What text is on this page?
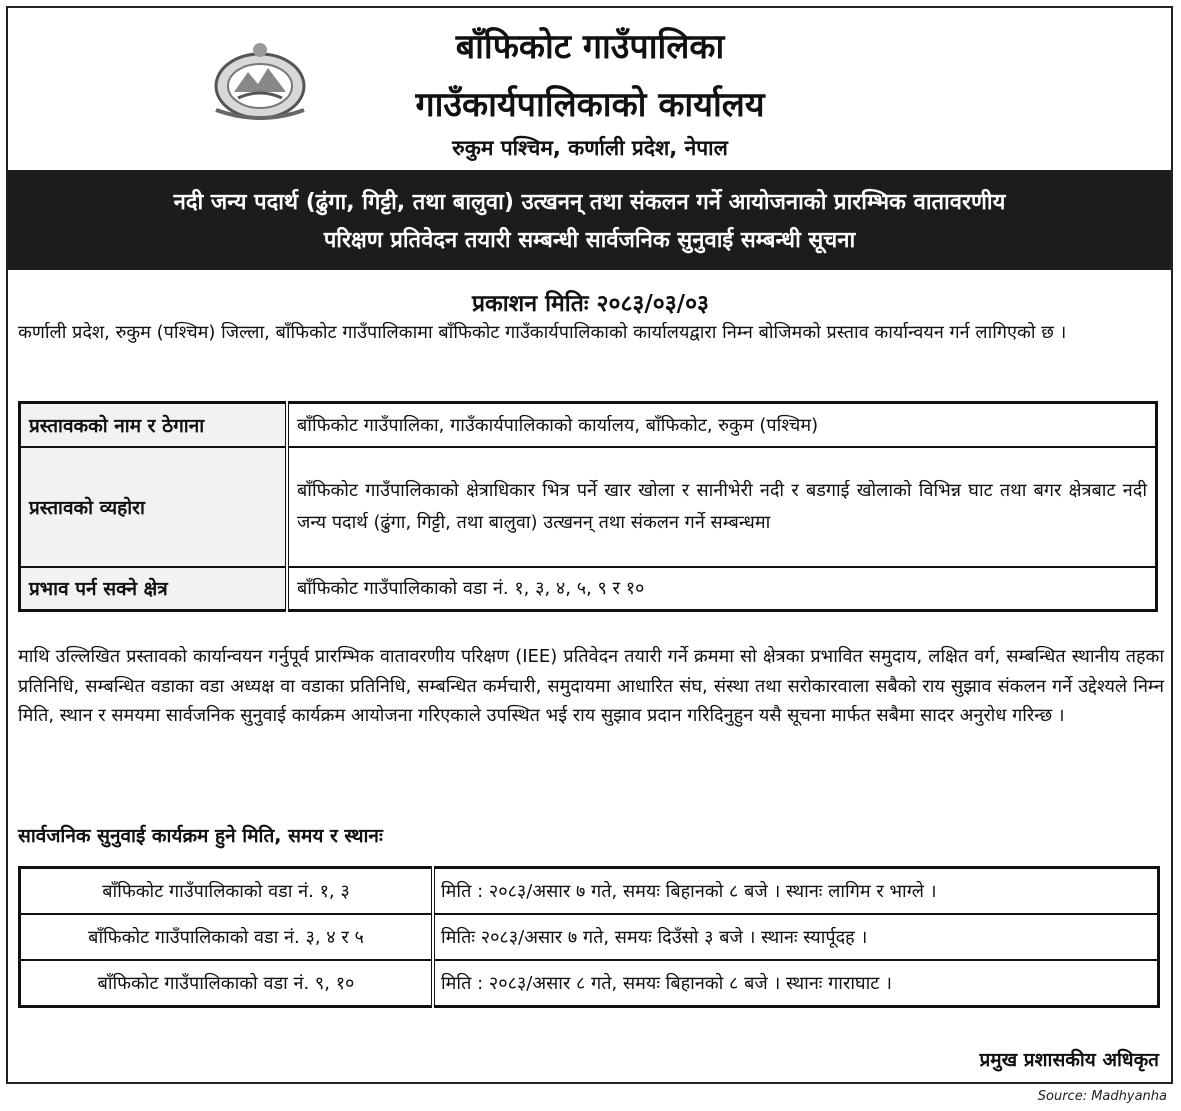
बाँफिकोट गाउँपालिका
गाउँकार्यपालिकाको कार्यालय
रुकुम पश्चिम, कर्णाली प्रदेश, नेपाल
नदी जन्य पदार्थ (ढुंगा, गिट्टी, तथा बालुवा) उत्खनन् तथा संकलन गर्ने आयोजनाको प्रारम्भिक वातावरणीय
परिक्षण प्रतिवेदन तयारी सम्बन्धी सार्वजनिक सुनुवाई सम्बन्धी सूचना
प्रकाशन मितिः २०८३/०३/०३
कर्णाली प्रदेश, रुकुम (पश्चिम) जिल्ला, बाँफिकोट गाउँपालिकामा बाँफिकोट गाउँकार्यपालिकाको कार्यालयद्वारा निम्न बोजिमको प्रस्ताव कार्यान्वयन गर्न लागिएको छ ।
प्रस्तावकको नाम र ठेगाना	बाँफिकोट गाउँपालिका, गाउँकार्यपालिकाको कार्यालय, बाँफिकोट, रुकुम (पश्चिम)
प्रस्तावको व्यहोरा	बाँफिकोट गाउँपालिकाको क्षेत्राधिकार भित्र पर्ने खार खोला र सानीभेरी नदी र बडगाई खोलाको विभिन्न घाट तथा बगर क्षेत्रबाट नदी जन्य पदार्थ (ढुंगा, गिट्टी, तथा बालुवा) उत्खनन् तथा संकलन गर्ने सम्बन्धमा
प्रभाव पर्न सक्ने क्षेत्र	बाँफिकोट गाउँपालिकाको वडा नं. १, ३, ४, ५, ९ र १०
माथि उल्लिखित प्रस्तावको कार्यान्वयन गर्नुपूर्व प्रारम्भिक वातावरणीय परिक्षण (IEE) प्रतिवेदन तयारी गर्ने क्रममा सो क्षेत्रका प्रभावित समुदाय, लक्षित वर्ग, सम्बन्धित स्थानीय तहका प्रतिनिधि, सम्बन्धित वडाका वडा अध्यक्ष वा वडाका प्रतिनिधि, सम्बन्धित कर्मचारी, समुदायमा आधारित संघ, संस्था तथा सरोकारवाला सबैको राय सुझाव संकलन गर्ने उद्देश्यले निम्न मिति, स्थान र समयमा सार्वजनिक सुनुवाई कार्यक्रम आयोजना गरिएकाले उपस्थित भई राय सुझाव प्रदान गरिदिनुहुन यसै सूचना मार्फत सबैमा सादर अनुरोध गरिन्छ ।
सार्वजनिक सुनुवाई कार्यक्रम हुने मिति, समय र स्थानः
बाँफिकोट गाउँपालिकाको वडा नं. १, ३	मिति : २०८३/असार ७ गते, समयः बिहानको ८ बजे । स्थानः लागिम र भाग्ले ।
बाँफिकोट गाउँपालिकाको वडा नं. ३, ४ र ५	मितिः २०८३/असार ७ गते, समयः दिउँसो ३ बजे । स्थानः स्यार्पूदह ।
बाँफिकोट गाउँपालिकाको वडा नं. ९, १०	मिति : २०८३/असार ८ गते, समयः बिहानको ८ बजे । स्थानः गाराघाट ।
प्रमुख प्रशासकीय अधिकृत
Source: Madhyanha
